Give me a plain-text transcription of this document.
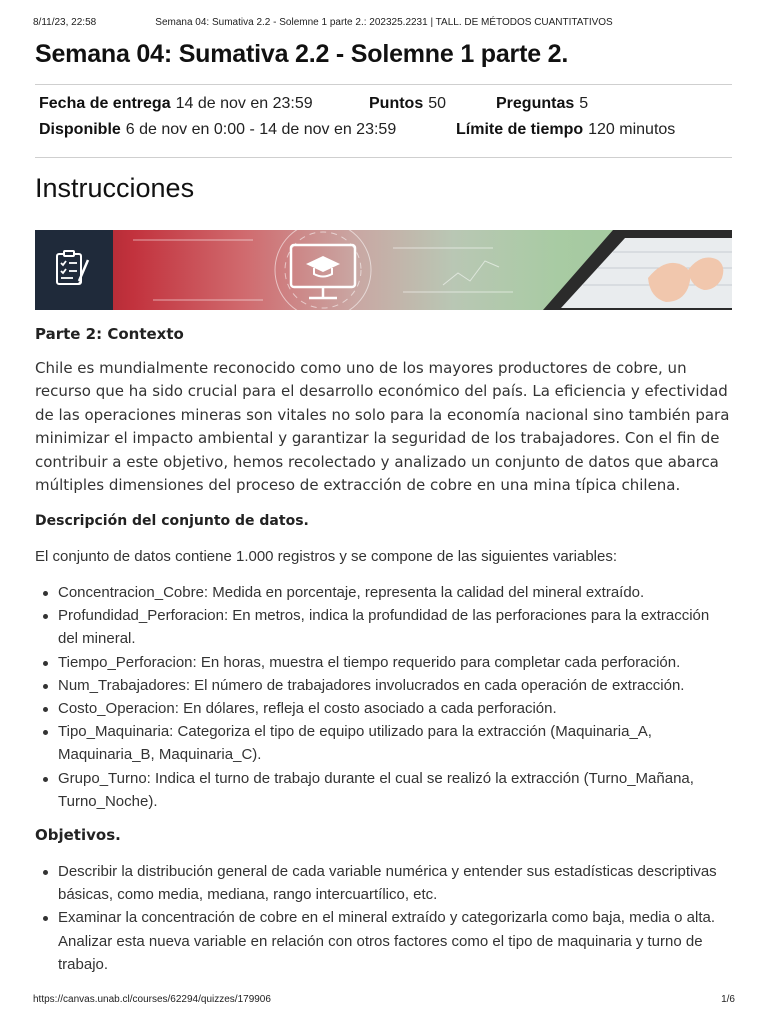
8/11/23, 22:58	Semana 04: Sumativa 2.2 - Solemne 1 parte 2.: 202325.2231 | TALL. DE MÉTODOS CUANTITATIVOS
Semana 04: Sumativa 2.2 - Solemne 1 parte 2.
Fecha de entrega 14 de nov en 23:59	Puntos 50	Preguntas 5
Disponible 6 de nov en 0:00 - 14 de nov en 23:59	Límite de tiempo 120 minutos
Instrucciones
Parte 2: Contexto

Chile es mundialmente reconocido como uno de los mayores productores de cobre, un recurso que ha sido crucial para el desarrollo económico del país. La eficiencia y efectividad de las operaciones mineras son vitales no solo para la economía nacional sino también para minimizar el impacto ambiental y garantizar la seguridad de los trabajadores. Con el fin de contribuir a este objetivo, hemos recolectado y analizado un conjunto de datos que abarca múltiples dimensiones del proceso de extracción de cobre en una mina típica chilena.

Descripción del conjunto de datos.

El conjunto de datos contiene 1.000 registros y se compone de las siguientes variables:

Concentracion_Cobre: Medida en porcentaje, representa la calidad del mineral extraído.
Profundidad_Perforacion: En metros, indica la profundidad de las perforaciones para la extracción del mineral.
Tiempo_Perforacion: En horas, muestra el tiempo requerido para completar cada perforación.
Num_Trabajadores: El número de trabajadores involucrados en cada operación de extracción.
Costo_Operacion: En dólares, refleja el costo asociado a cada perforación.
Tipo_Maquinaria: Categoriza el tipo de equipo utilizado para la extracción (Maquinaria_A, Maquinaria_B, Maquinaria_C).
Grupo_Turno: Indica el turno de trabajo durante el cual se realizó la extracción (Turno_Mañana, Turno_Noche).
Objetivos.
Describir la distribución general de cada variable numérica y entender sus estadísticas descriptivas básicas, como media, mediana, rango intercuartílico, etc.
Examinar la concentración de cobre en el mineral extraído y categorizarla como baja, media o alta. Analizar esta nueva variable en relación con otros factores como el tipo de maquinaria y turno de trabajo.
https://canvas.unab.cl/courses/62294/quizzes/179906	1/6
